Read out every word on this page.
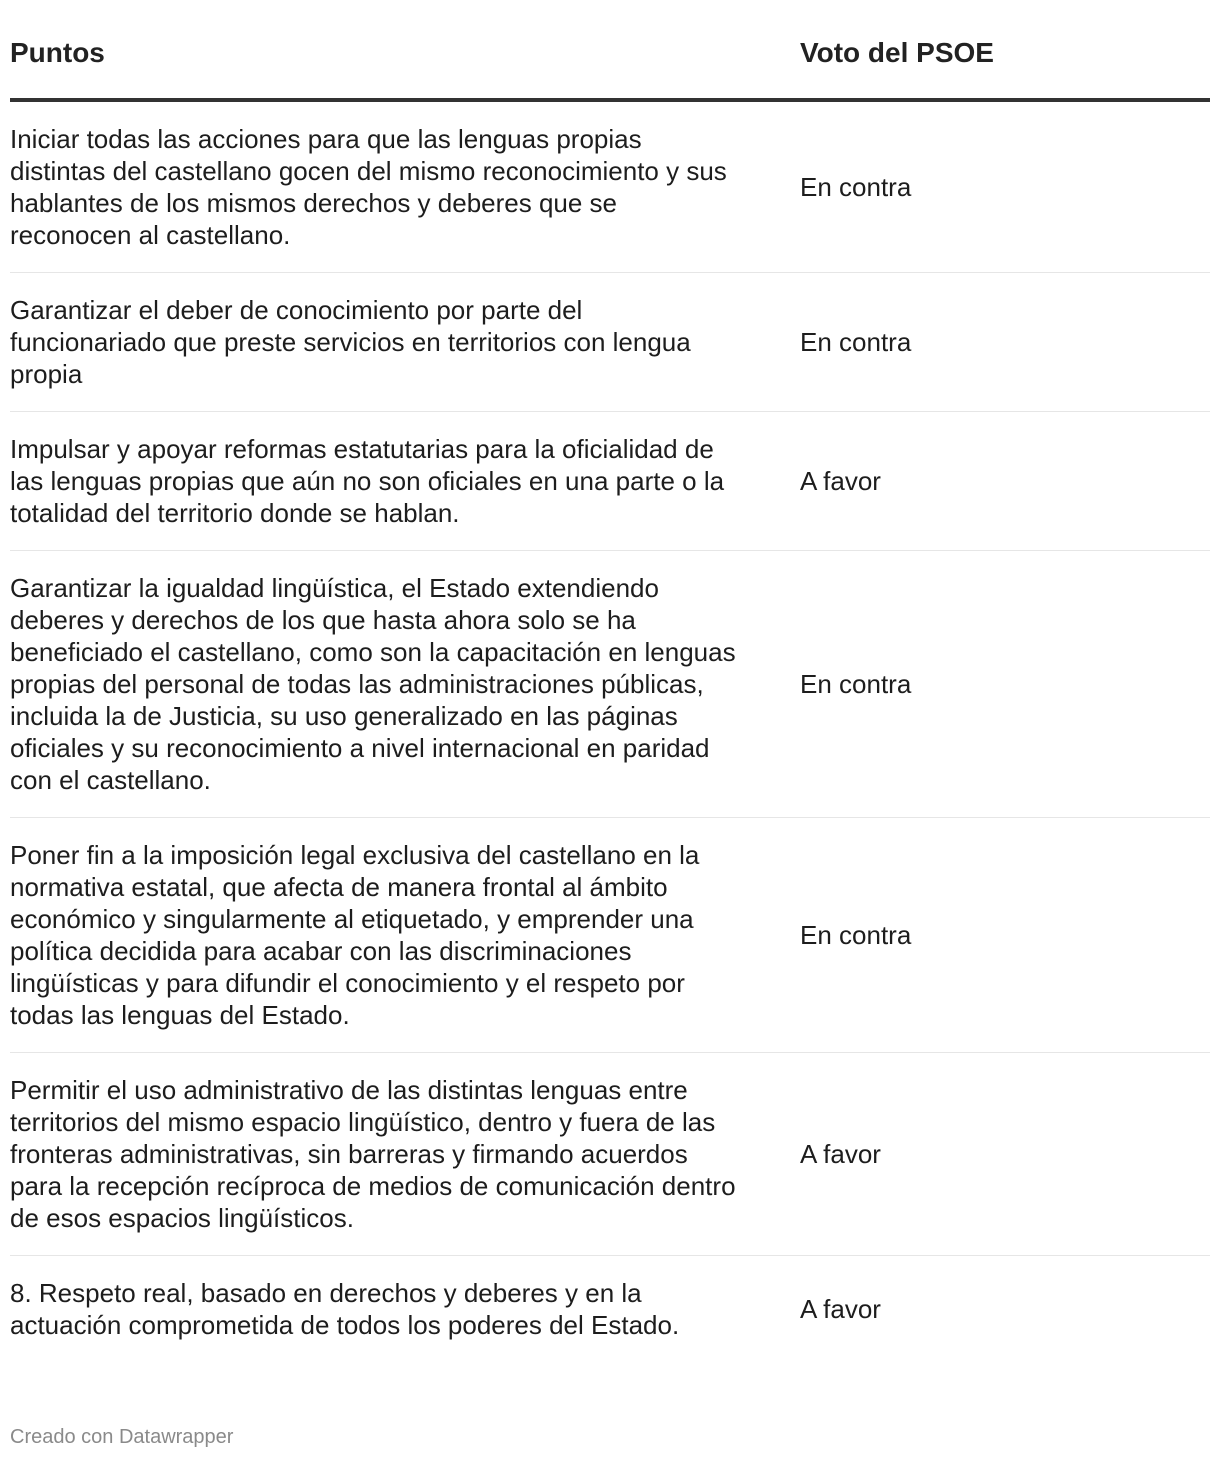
Puntos	Voto del PSOE
Iniciar todas las acciones para que las lenguas propias distintas del castellano gocen del mismo reconocimiento y sus hablantes de los mismos derechos y deberes que se reconocen al castellano.	En contra
Garantizar el deber de conocimiento por parte del funcionariado que preste servicios en territorios con lengua propia	En contra
Impulsar y apoyar reformas estatutarias para la oficialidad de las lenguas propias que aún no son oficiales en una parte o la totalidad del territorio donde se hablan.	A favor
Garantizar la igualdad lingüística, el Estado extendiendo deberes y derechos de los que hasta ahora solo se ha beneficiado el castellano, como son la capacitación en lenguas propias del personal de todas las administraciones públicas, incluida la de Justicia, su uso generalizado en las páginas oficiales y su reconocimiento a nivel internacional en paridad con el castellano.	En contra
Poner fin a la imposición legal exclusiva del castellano en la normativa estatal, que afecta de manera frontal al ámbito económico y singularmente al etiquetado, y emprender una política decidida para acabar con las discriminaciones lingüísticas y para difundir el conocimiento y el respeto por todas las lenguas del Estado.	En contra
Permitir el uso administrativo de las distintas lenguas entre territorios del mismo espacio lingüístico, dentro y fuera de las fronteras administrativas, sin barreras y firmando acuerdos para la recepción recíproca de medios de comunicación dentro de esos espacios lingüísticos.	A favor
8. Respeto real, basado en derechos y deberes y en la actuación comprometida de todos los poderes del Estado.	A favor
Creado con Datawrapper
